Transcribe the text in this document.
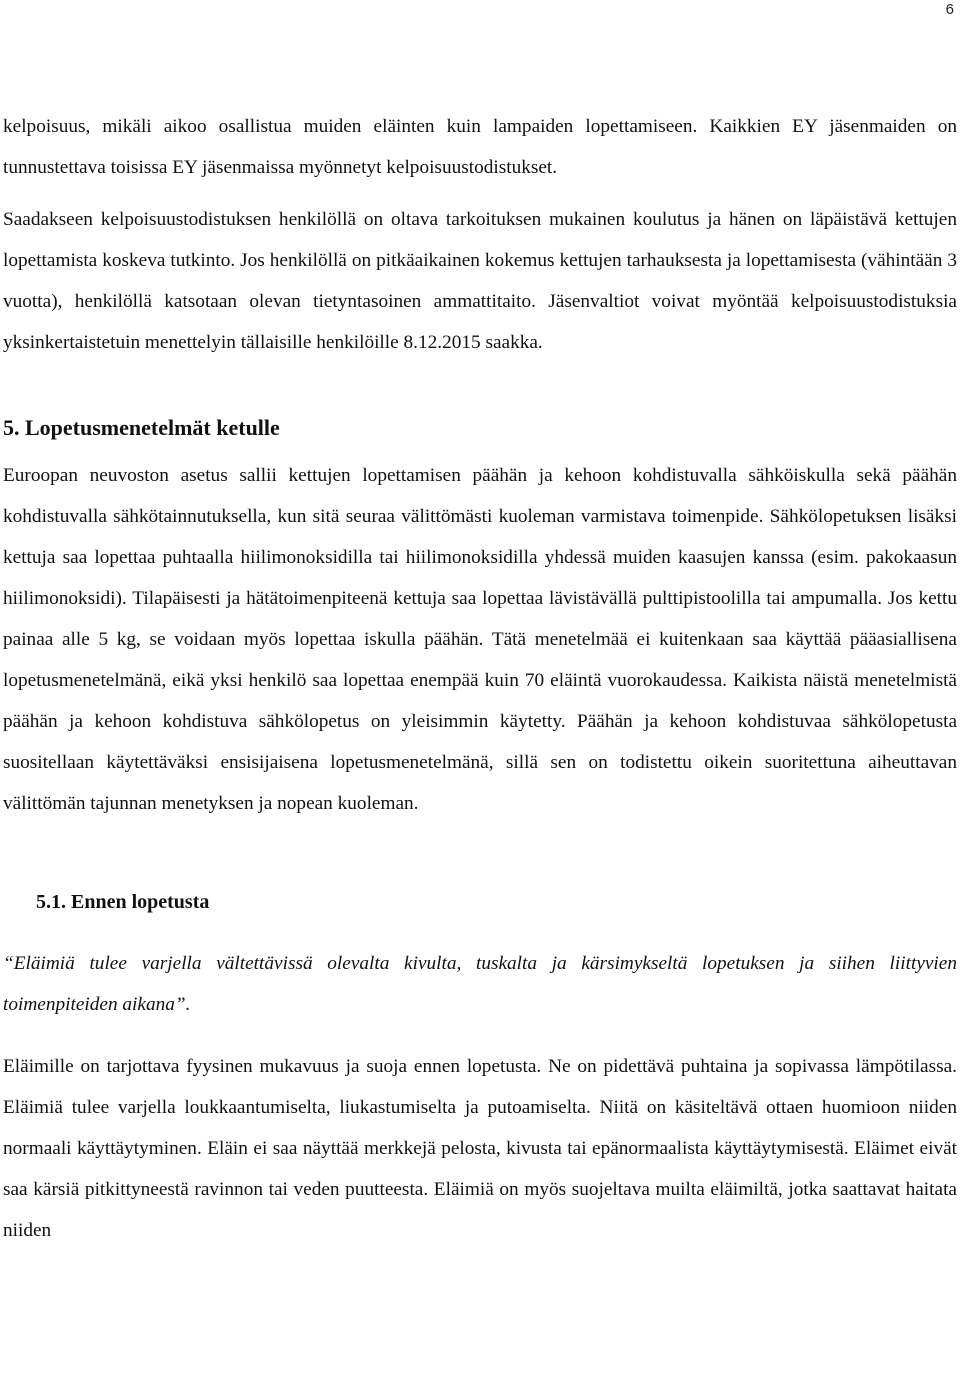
6

kelpoisuus, mikäli aikoo osallistua muiden eläinten kuin lampaiden lopettamiseen. Kaikkien EY jäsenmaiden on tunnustettava toisissa EY jäsenmaissa myönnetyt kelpoisuustodistukset.

Saadakseen kelpoisuustodistuksen henkilöllä on oltava tarkoituksen mukainen koulutus ja hänen on läpäistävä kettujen lopettamista koskeva tutkinto. Jos henkilöllä on pitkäaikainen kokemus kettujen tarhauksesta ja lopettamisesta (vähintään 3 vuotta), henkilöllä katsotaan olevan tietyntasoinen ammattitaito. Jäsenvaltiot voivat myöntää kelpoisuustodistuksia yksinkertaistetuin menettelyin tällaisille henkilöille 8.12.2015 saakka.

5. Lopetusmenetelmät ketulle

Euroopan neuvoston asetus sallii kettujen lopettamisen päähän ja kehoon kohdistuvalla sähköiskulla sekä päähän kohdistuvalla sähkötainnutuksella, kun sitä seuraa välittömästi kuoleman varmistava toimenpide. Sähkölopetuksen lisäksi kettuja saa lopettaa puhtaalla hiilimonoksidilla tai hiilimonoksidilla yhdessä muiden kaasujen kanssa (esim. pakokaasun hiilimonoksidi). Tilapäisesti ja hätätoimenpiteenä kettuja saa lopettaa lävistävällä pulttipistoolilla tai ampumalla. Jos kettu painaa alle 5 kg, se voidaan myös lopettaa iskulla päähän. Tätä menetelmää ei kuitenkaan saa käyttää pääasiallisena lopetusmenetelmänä, eikä yksi henkilö saa lopettaa enempää kuin 70 eläintä vuorokaudessa. Kaikista näistä menetelmistä päähän ja kehoon kohdistuva sähkölopetus on yleisimmin käytetty. Päähän ja kehoon kohdistuvaa sähkölopetusta suositellaan käytettäväksi ensisijaisena lopetusmenetelmänä, sillä sen on todistettu oikein suoritettuna aiheuttavan välittömän tajunnan menetyksen ja nopean kuoleman.

5.1. Ennen lopetusta

“Eläimiä tulee varjella vältettävissä olevalta kivulta, tuskalta ja kärsimykseltä lopetuksen ja siihen liittyvien toimenpiteiden aikana”.

Eläimille on tarjottava fyysinen mukavuus ja suoja ennen lopetusta. Ne on pidettävä puhtaina ja sopivassa lämpötilassa. Eläimiä tulee varjella loukkaantumiselta, liukastumiselta ja putoamiselta. Niitä on käsiteltävä ottaen huomioon niiden normaali käyttäytyminen. Eläin ei saa näyttää merkkejä pelosta, kivusta tai epänormaalista käyttäytymisestä. Eläimet eivät saa kärsiä pitkittyneestä ravinnon tai veden puutteesta. Eläimiä on myös suojeltava muilta eläimiltä, jotka saattavat haitata niiden
